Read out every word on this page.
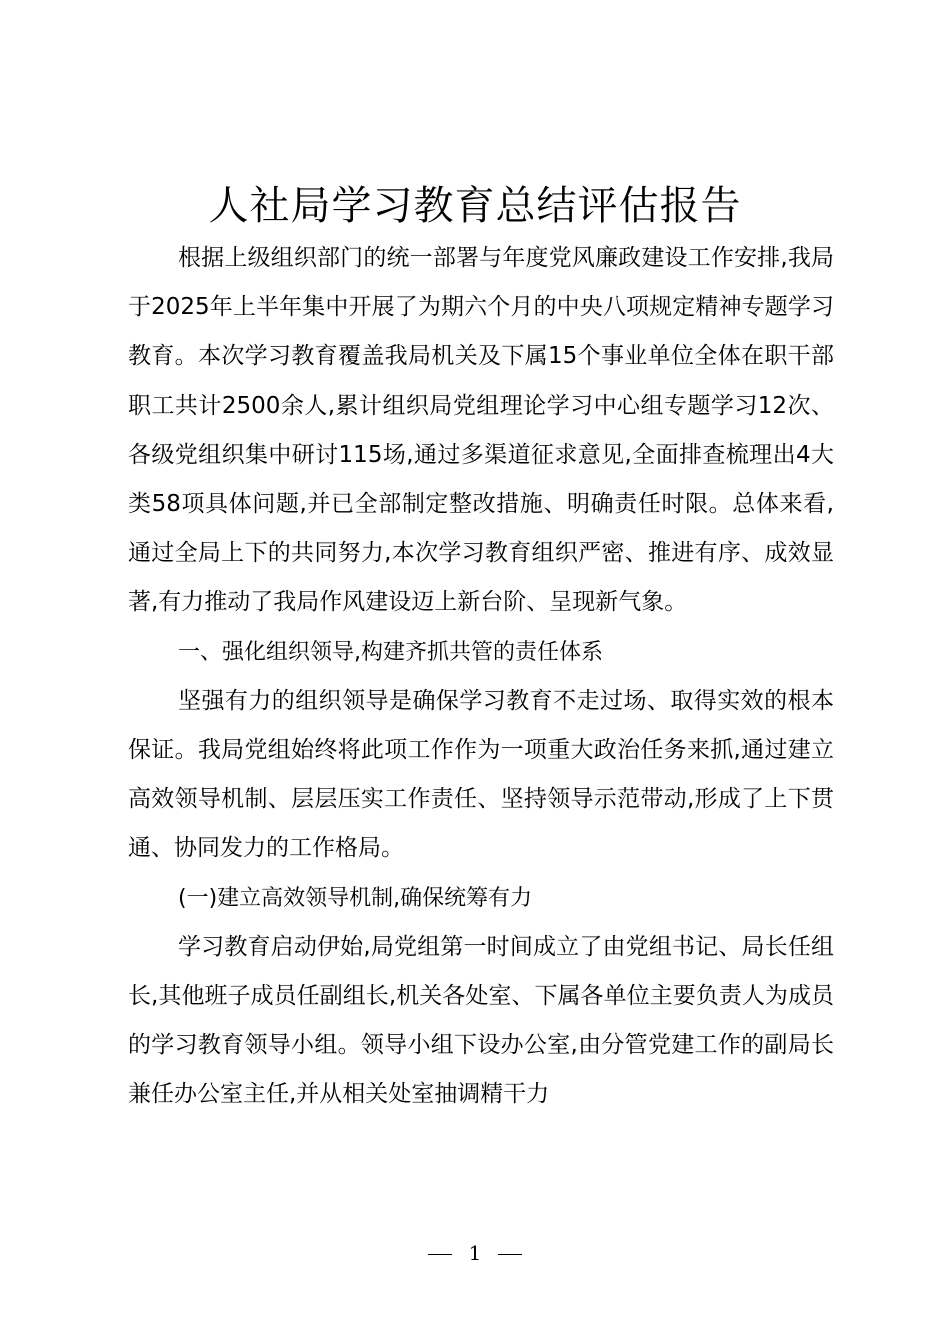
人社局学习教育总结评估报告

根据上级组织部门的统一部署与年度党风廉政建设工作安排,我局于2025年上半年集中开展了为期六个月的中央八项规定精神专题学习教育。本次学习教育覆盖我局机关及下属15个事业单位全体在职干部职工共计2500余人,累计组织局党组理论学习中心组专题学习12次、各级党组织集中研讨115场,通过多渠道征求意见,全面排查梳理出4大类58项具体问题,并已全部制定整改措施、明确责任时限。总体来看,通过全局上下的共同努力,本次学习教育组织严密、推进有序、成效显著,有力推动了我局作风建设迈上新台阶、呈现新气象。

一、强化组织领导,构建齐抓共管的责任体系

坚强有力的组织领导是确保学习教育不走过场、取得实效的根本保证。我局党组始终将此项工作作为一项重大政治任务来抓,通过建立高效领导机制、层层压实工作责任、坚持领导示范带动,形成了上下贯通、协同发力的工作格局。

(一)建立高效领导机制,确保统筹有力

学习教育启动伊始,局党组第一时间成立了由党组书记、局长任组长,其他班子成员任副组长,机关各处室、下属各单位主要负责人为成员的学习教育领导小组。领导小组下设办公室,由分管党建工作的副局长兼任办公室主任,并从相关处室抽调精干力

1
